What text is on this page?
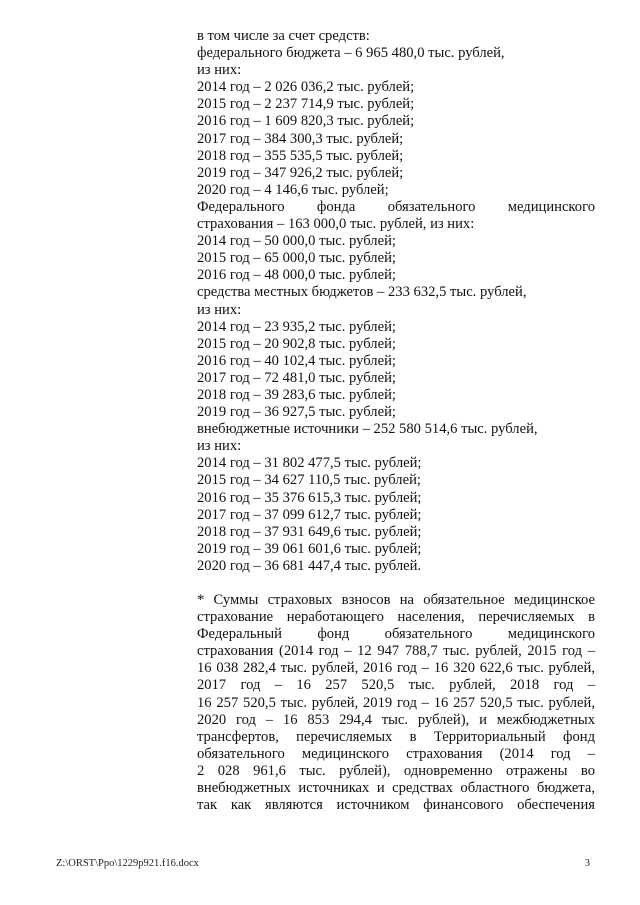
в том числе за счет средств:
федерального бюджета – 6 965 480,0 тыс. рублей,
из них:
2014 год – 2 026 036,2 тыс. рублей;
2015 год – 2 237 714,9 тыс. рублей;
2016 год – 1 609 820,3 тыс. рублей;
2017 год – 384 300,3 тыс. рублей;
2018 год – 355 535,5 тыс. рублей;
2019 год – 347 926,2 тыс. рублей;
2020 год – 4 146,6 тыс. рублей;
Федерального фонда обязательного медицинского
страхования – 163 000,0 тыс. рублей, из них:
2014 год – 50 000,0 тыс. рублей;
2015 год – 65 000,0 тыс. рублей;
2016 год – 48 000,0 тыс. рублей;
средства местных бюджетов – 233 632,5 тыс. рублей,
из них:
2014 год – 23 935,2 тыс. рублей;
2015 год – 20 902,8 тыс. рублей;
2016 год – 40 102,4 тыс. рублей;
2017 год – 72 481,0 тыс. рублей;
2018 год – 39 283,6 тыс. рублей;
2019 год – 36 927,5 тыс. рублей;
внебюджетные источники – 252 580 514,6 тыс. рублей,
из них:
2014 год – 31 802 477,5 тыс. рублей;
2015 год – 34 627 110,5 тыс. рублей;
2016 год – 35 376 615,3 тыс. рублей;
2017 год – 37 099 612,7 тыс. рублей;
2018 год – 37 931 649,6 тыс. рублей;
2019 год – 39 061 601,6 тыс. рублей;
2020 год – 36 681 447,4 тыс. рублей.
* Суммы страховых взносов на обязательное медицинское
страхование неработающего населения, перечисляемых в
Федеральный фонд обязательного медицинского
страхования (2014 год – 12 947 788,7 тыс. рублей, 2015 год –
16 038 282,4 тыс. рублей, 2016 год – 16 320 622,6 тыс. рублей,
2017 год – 16 257 520,5 тыс. рублей, 2018 год –
16 257 520,5 тыс. рублей, 2019 год – 16 257 520,5 тыс. рублей,
2020 год – 16 853 294,4 тыс. рублей), и межбюджетных
трансфертов, перечисляемых в Территориальный фонд
обязательного медицинского страхования (2014 год –
2 028 961,6 тыс. рублей), одновременно отражены во
внебюджетных источниках и средствах областного бюджета,
так как являются источником финансового обеспечения
Z:\ORST\Ppo\1229p921.f16.docx	3
